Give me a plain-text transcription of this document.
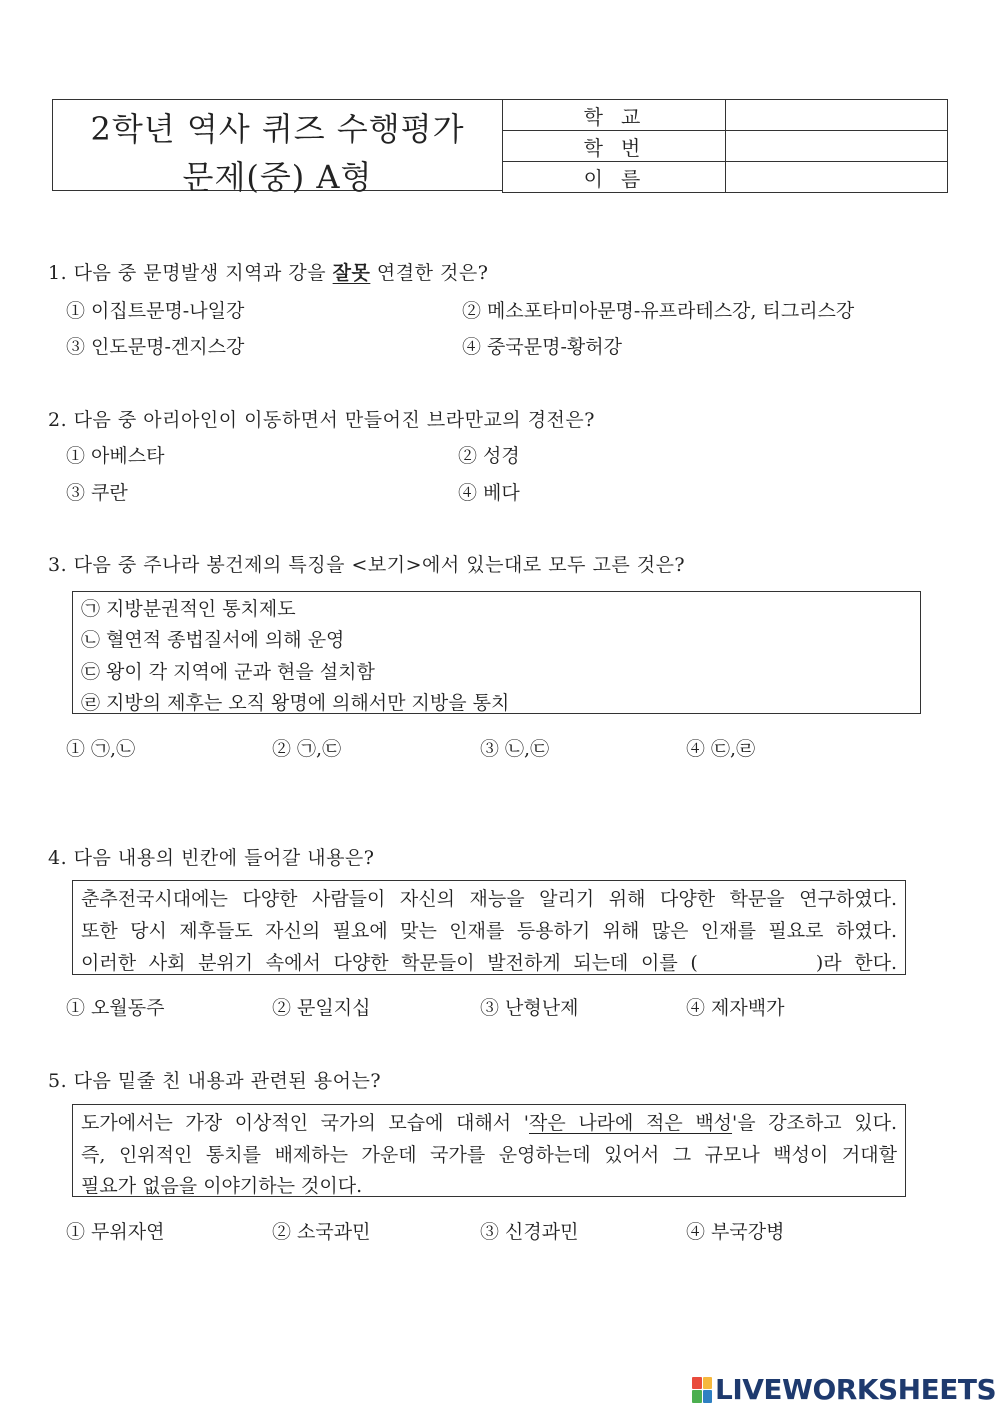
2학년 역사 퀴즈 수행평가
문제(중) A형
학교	
학번	
이름	
1. 다음 중 문명발생 지역과 강을 잘못 연결한 것은?
① 이집트문명-나일강	② 메소포타미아문명-유프라테스강, 티그리스강
③ 인도문명-겐지스강	④ 중국문명-황허강
2. 다음 중 아리아인이 이동하면서 만들어진 브라만교의 경전은?
① 아베스타	② 성경
③ 쿠란	④ 베다
3. 다음 중 주나라 봉건제의 특징을 <보기>에서 있는대로 모두 고른 것은?
㉠ 지방분권적인 통치제도
㉡ 혈연적 종법질서에 의해 운영
㉢ 왕이 각 지역에 군과 현을 설치함
㉣ 지방의 제후는 오직 왕명에 의해서만 지방을 통치
① ㉠,㉡	② ㉠,㉢	③ ㉡,㉢	④ ㉢,㉣
4. 다음 내용의 빈칸에 들어갈 내용은?
춘추전국시대에는 다양한 사람들이 자신의 재능을 알리기 위해 다양한 학문을 연구하였다.
또한 당시 제후들도 자신의 필요에 맞는 인재를 등용하기 위해 많은 인재를 필요로 하였다.
이러한 사회 분위기 속에서 다양한 학문들이 발전하게 되는데 이를 (	)라 한다.
① 오월동주	② 문일지십	③ 난형난제	④ 제자백가
5. 다음 밑줄 친 내용과 관련된 용어는?
도가에서는 가장 이상적인 국가의 모습에 대해서 '작은 나라에 적은 백성'을 강조하고 있다.
즉, 인위적인 통치를 배제하는 가운데 국가를 운영하는데 있어서 그 규모나 백성이 거대할
필요가 없음을 이야기하는 것이다.
① 무위자연	② 소국과민	③ 신경과민	④ 부국강병
LIVEWORKSHEETS
